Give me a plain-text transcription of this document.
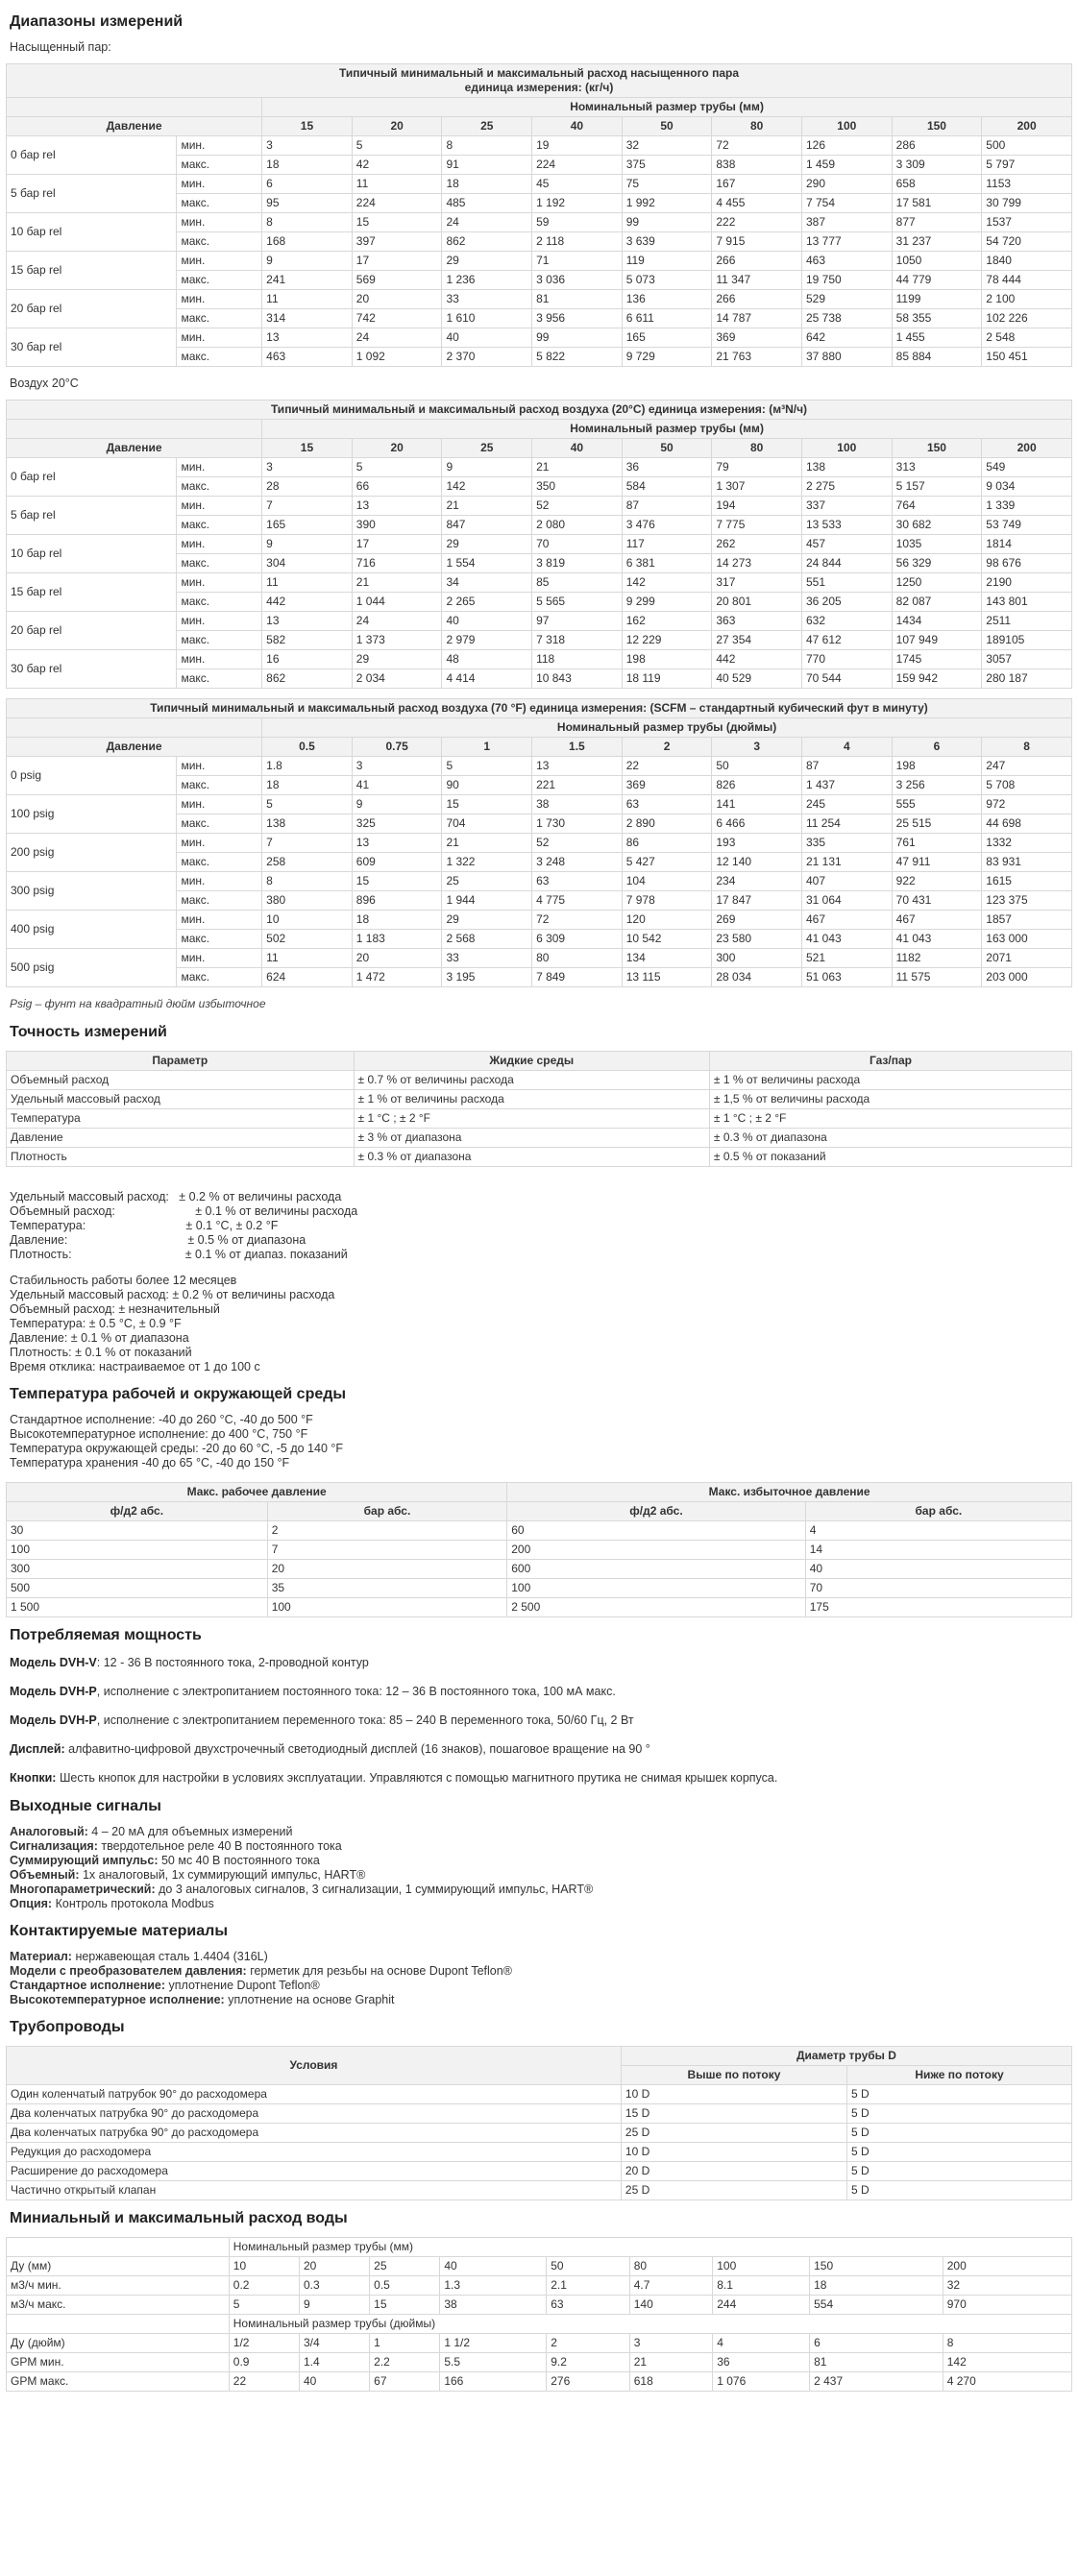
Диапазоны измерений

Насыщенный пар:

Типичный минимальный и максимальный расход насыщенного пара
единица измерения: (кг/ч)										

		Номинальный размер трубы (мм)								
Давление		15	20	25	40	50	80	100	150	200
0 бар rel	мин.	3	5	8	19	32	72	126	286	500
	макс.	18	42	91	224	375	838	1 459	3 309	5 797
5 бар rel	мин.	6	11	18	45	75	167	290	658	1153
	макс.	95	224	485	1 192	1 992	4 455	7 754	17 581	30 799
10 бар rel	мин.	8	15	24	59	99	222	387	877	1537
	макс.	168	397	862	2 118	3 639	7 915	13 777	31 237	54 720
15 бар rel	мин.	9	17	29	71	119	266	463	1050	1840
	макс.	241	569	1 236	3 036	5 073	11 347	19 750	44 779	78 444
20 бар rel	мин.	11	20	33	81	136	266	529	1199	2 100
	макс.	314	742	1 610	3 956	6 611	14 787	25 738	58 355	102 226
30 бар rel	мин.	13	24	40	99	165	369	642	1 455	2 548
	макс.	463	1 092	2 370	5 822	9 729	21 763	37 880	85 884	150 451

Воздух 20°C

Типичный минимальный и максимальный расход воздуха (20°C) единица измерения: (м³N/ч)										
		Номинальный размер трубы (мм)								
Давление		15	20	25	40	50	80	100	150	200
0 бар rel	мин.	3	5	9	21	36	79	138	313	549
	макс.	28	66	142	350	584	1 307	2 275	5 157	9 034
5 бар rel	мин.	7	13	21	52	87	194	337	764	1 339
	макс.	165	390	847	2 080	3 476	7 775	13 533	30 682	53 749
10 бар rel	мин.	9	17	29	70	117	262	457	1035	1814
	макс.	304	716	1 554	3 819	6 381	14 273	24 844	56 329	98 676
15 бар rel	мин.	11	21	34	85	142	317	551	1250	2190
	макс.	442	1 044	2 265	5 565	9 299	20 801	36 205	82 087	143 801
20 бар rel	мин.	13	24	40	97	162	363	632	1434	2511
	макс.	582	1 373	2 979	7 318	12 229	27 354	47 612	107 949	189105
30 бар rel	мин.	16	29	48	118	198	442	770	1745	3057
	макс.	862	2 034	4 414	10 843	18 119	40 529	70 544	159 942	280 187
Типичный минимальный и максимальный расход воздуха (70 °F) единица измерения: (SCFM – стандартный кубический фут в минуту)										
		Номинальный размер трубы (дюймы)								
Давление		0.5	0.75	1	1.5	2	3	4	6	8
0 psig	мин.	1.8	3	5	13	22	50	87	198	247
	макс.	18	41	90	221	369	826	1 437	3 256	5 708
100 psig	мин.	5	9	15	38	63	141	245	555	972
	макс.	138	325	704	1 730	2 890	6 466	11 254	25 515	44 698
200 psig	мин.	7	13	21	52	86	193	335	761	1332
	макс.	258	609	1 322	3 248	5 427	12 140	21 131	47 911	83 931
300 psig	мин.	8	15	25	63	104	234	407	922	1615
	макс.	380	896	1 944	4 775	7 978	17 847	31 064	70 431	123 375
400 psig	мин.	10	18	29	72	120	269	467	467	1857
	макс.	502	1 183	2 568	6 309	10 542	23 580	41 043	41 043	163 000
500 psig	мин.	11	20	33	80	134	300	521	1182	2071
	макс.	624	1 472	3 195	7 849	13 115	28 034	51 063	11 575	203 000

Psig – фунт на квадратный дюйм избыточное

Точность измерений
Параметр	Жидкие среды	Газ/пар
Объемный расход	± 0.7 % от величины расхода	± 1 % от величины расхода
Удельный массовый расход	± 1 % от величины расхода	± 1,5 % от величины расхода
Температура	± 1 °C ; ± 2 °F	± 1 °C ; ± 2 °F
Давление	± 3 % от диапазона	± 0.3 % от диапазона
Плотность	± 0.3 % от диапазона	± 0.5 % от показаний
Удельный массовый расход:   ± 0.2 % от величины расхода
Объемный расход:                        ± 0.1 % от величины расхода
Температура:                              ± 0.1 °C, ± 0.2 °F
Давление:                                    ± 0.5 % от диапазона
Плотность:                                  ± 0.1 % от диапаз. показаний
Стабильность работы более 12 месяцев
Удельный массовый расход: ± 0.2 % от величины расхода
Объемный расход: ± незначительный
Температура: ± 0.5 °C, ± 0.9 °F
Давление: ± 0.1 % от диапазона
Плотность: ± 0.1 % от показаний
Время отклика: настраиваемое от 1 до 100 с
Температура рабочей и окружающей среды
Стандартное исполнение: -40 до 260 °C, -40 до 500 °F
Высокотемпературное исполнение: до 400 °C, 750 °F
Температура окружающей среды: -20 до 60 °C, -5 до 140 °F
Температура хранения -40 до 65 °C, -40 до 150 °F
Макс. рабочее давление		Макс. избыточное давление	
ф/д2 абс.	бар абс.	ф/д2 абс.	бар абс.
30	2	60	4
100	7	200	14
300	20	600	40
500	35	100	70
1 500	100	2 500	175
Потребляемая мощность
Модель DVH-V: 12 - 36 В постоянного тока, 2-проводной контур
Модель DVH-P, исполнение с электропитанием постоянного тока: 12 – 36 В постоянного тока, 100 мА макс.
Модель DVH-P, исполнение с электропитанием переменного тока: 85 – 240 В переменного тока, 50/60 Гц, 2 Вт
Дисплей: алфавитно-цифровой двухстрочечный светодиодный дисплей (16 знаков), пошаговое вращение на 90 °
Кнопки: Шесть кнопок для настройки в условиях эксплуатации. Управляются с помощью магнитного прутика не снимая крышек корпуса.
Выходные сигналы
Аналоговый: 4 – 20 мА для объемных измерений
Сигнализация: твердотельное реле 40 В постоянного тока
Суммирующий импульс: 50 мс 40 В постоянного тока
Объемный: 1х аналоговый, 1х суммирующий импульс, HART®
Многопараметрический: до 3 аналоговых сигналов, 3 сигнализации, 1 суммирующий импульс, HART®
Опция: Контроль протокола Modbus
Контактируемые материалы
Материал: нержавеющая сталь 1.4404 (316L)
Модели с преобразователем давления: герметик для резьбы на основе Dupont Teflon®
Стандартное исполнение: уплотнение Dupont Teflon®
Высокотемпературное исполнение: уплотнение на основе Graphit
Трубопроводы
Условия	Диаметр трубы D	
	Выше по потоку	Ниже по потоку
Один коленчатый патрубок 90° до расходомера	10 D	5 D
Два коленчатых патрубка 90° до расходомера	15 D	5 D
Два коленчатых патрубка 90° до расходомера	25 D	5 D
Редукция до расходомера	10 D	5 D
Расширение до расходомера	20 D	5 D
Частично открытый клапан	25 D	5 D
Миниальный и максимальный расход воды
	Номинальный размер трубы (мм)								
Ду (мм)	10	20	25	40	50	80	100	150	200
м3/ч мин.	0.2	0.3	0.5	1.3	2.1	4.7	8.1	18	32
м3/ч макс.	5	9	15	38	63	140	244	554	970
	Номинальный размер трубы (дюймы)								
Ду (дюйм)	1/2	3/4	1	1 1/2	2	3	4	6	8
GPM мин.	0.9	1.4	2.2	5.5	9.2	21	36	81	142
GPM макс.	22	40	67	166	276	618	1 076	2 437	4 270
